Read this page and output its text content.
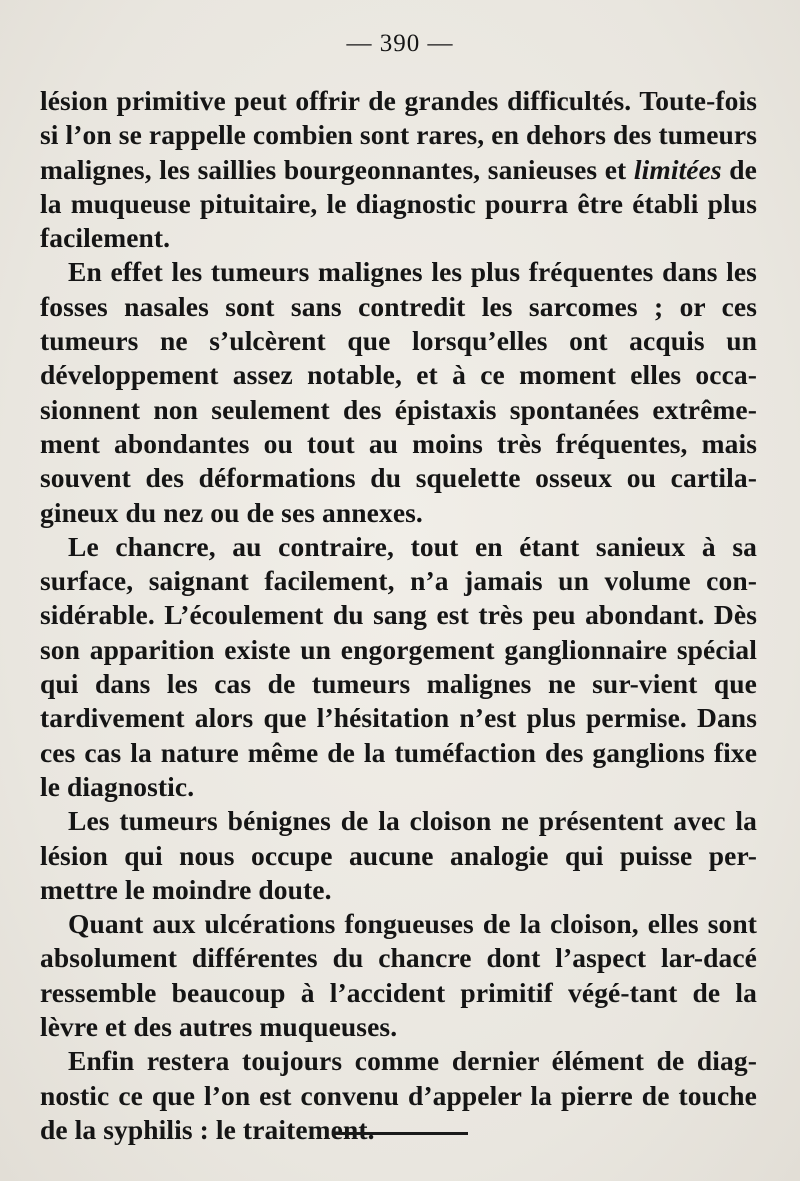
— 390 —

lésion primitive peut offrir de grandes difficultés. Toute-fois si l’on se rappelle combien sont rares, en dehors des tumeurs malignes, les saillies bourgeonnantes, sanieuses et limitées de la muqueuse pituitaire, le diagnostic pourra être établi plus facilement.

En effet les tumeurs malignes les plus fréquentes dans les fosses nasales sont sans contredit les sarcomes ; or ces tumeurs ne s’ulcèrent que lorsqu’elles ont acquis un développement assez notable, et à ce moment elles occa-sionnent non seulement des épistaxis spontanées extrême-ment abondantes ou tout au moins très fréquentes, mais souvent des déformations du squelette osseux ou cartila-gineux du nez ou de ses annexes.

Le chancre, au contraire, tout en étant sanieux à sa surface, saignant facilement, n’a jamais un volume con-sidérable. L’écoulement du sang est très peu abondant. Dès son apparition existe un engorgement ganglionnaire spécial qui dans les cas de tumeurs malignes ne sur-vient que tardivement alors que l’hésitation n’est plus permise. Dans ces cas la nature même de la tuméfaction des ganglions fixe le diagnostic.

Les tumeurs bénignes de la cloison ne présentent avec la lésion qui nous occupe aucune analogie qui puisse per-mettre le moindre doute.

Quant aux ulcérations fongueuses de la cloison, elles sont absolument différentes du chancre dont l’aspect lar-dacé ressemble beaucoup à l’accident primitif végé-tant de la lèvre et des autres muqueuses.

Enfin restera toujours comme dernier élément de diag-nostic ce que l’on est convenu d’appeler la pierre de touche de la syphilis : le traitement.
